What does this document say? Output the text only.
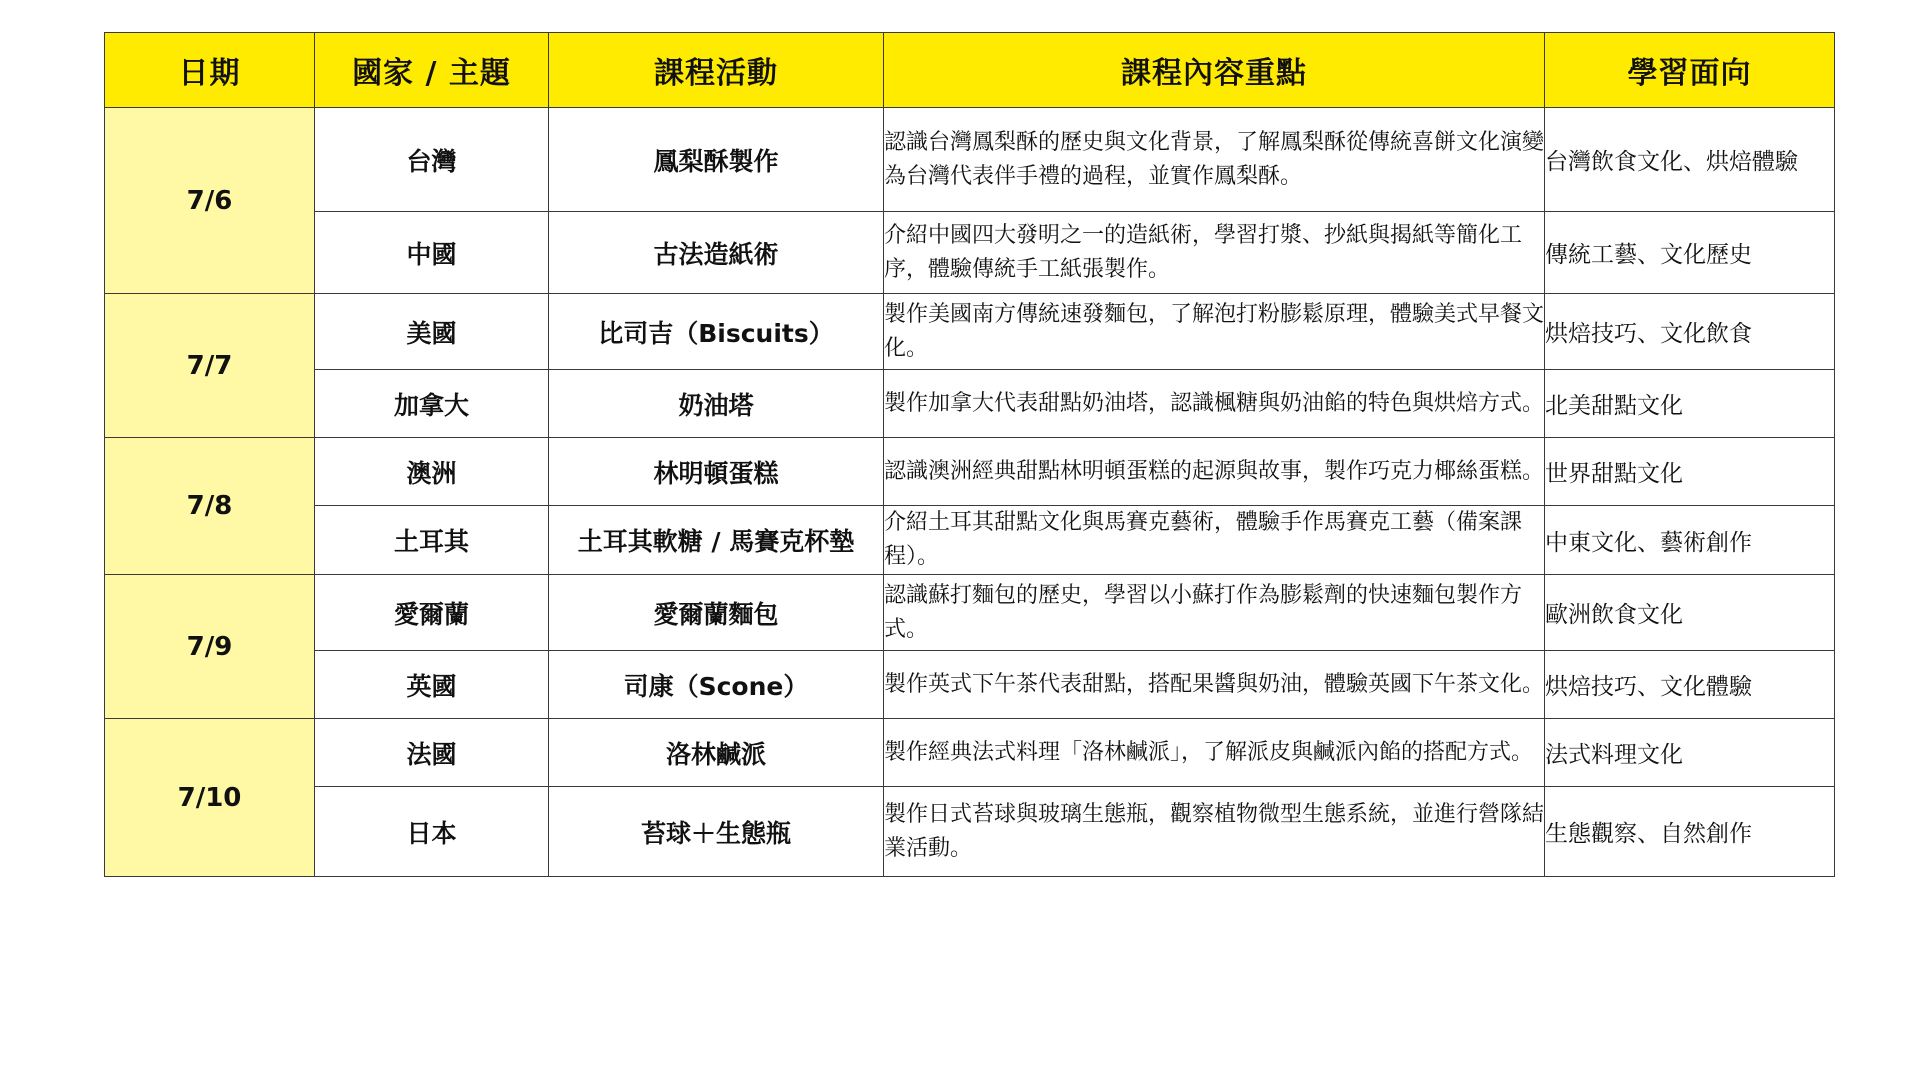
日期	國家 / 主題	課程活動	課程內容重點	學習面向
7/6	台灣	鳳梨酥製作	認識台灣鳳梨酥的歷史與文化背景，了解鳳梨酥從傳統喜餅文化演變為台灣代表伴手禮的過程，並實作鳳梨酥。	台灣飲食文化、烘焙體驗
	中國	古法造紙術	介紹中國四大發明之一的造紙術，學習打漿、抄紙與揭紙等簡化工序，體驗傳統手工紙張製作。	傳統工藝、文化歷史
7/7	美國	比司吉（Biscuits）	製作美國南方傳統速發麵包，了解泡打粉膨鬆原理，體驗美式早餐文化。	烘焙技巧、文化飲食
	加拿大	奶油塔	製作加拿大代表甜點奶油塔，認識楓糖與奶油餡的特色與烘焙方式。	北美甜點文化
7/8	澳洲	林明頓蛋糕	認識澳洲經典甜點林明頓蛋糕的起源與故事，製作巧克力椰絲蛋糕。	世界甜點文化
	土耳其	土耳其軟糖 / 馬賽克杯墊	介紹土耳其甜點文化與馬賽克藝術，體驗手作馬賽克工藝（備案課程）。	中東文化、藝術創作
7/9	愛爾蘭	愛爾蘭麵包	認識蘇打麵包的歷史，學習以小蘇打作為膨鬆劑的快速麵包製作方式。	歐洲飲食文化
	英國	司康（Scone）	製作英式下午茶代表甜點，搭配果醬與奶油，體驗英國下午茶文化。	烘焙技巧、文化體驗
7/10	法國	洛林鹹派	製作經典法式料理「洛林鹹派」，了解派皮與鹹派內餡的搭配方式。	法式料理文化
	日本	苔球＋生態瓶	製作日式苔球與玻璃生態瓶，觀察植物微型生態系統，並進行營隊結業活動。	生態觀察、自然創作
